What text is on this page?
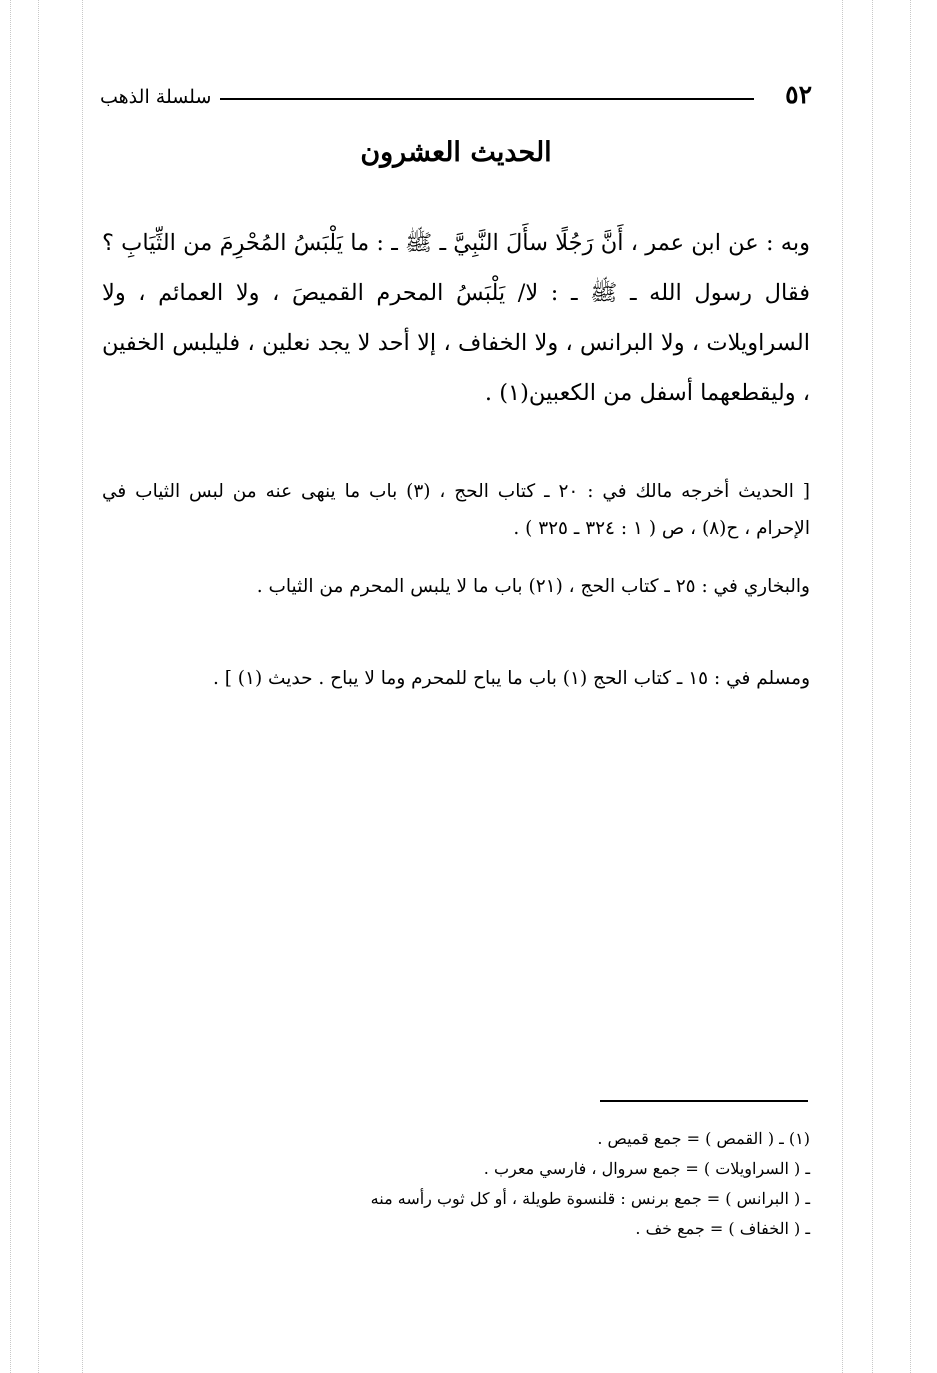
٥٢
سلسلة الذهب
الحديث العشرون

وبه : عن ابن عمر ، أَنَّ رَجُلًا سأَلَ النَّبِيَّ ـ ﷺ ـ : ما يَلْبَسُ المُحْرِمَ من الثِّيَابِ ؟ فقال رسول الله ـ ﷺ ـ : لا/ يَلْبَسُ المحرم القميصَ ، ولا العمائم ، ولا السراويلات ، ولا البرانس ، ولا الخفاف ، إلا أحد لا يجد نعلين ، فليلبس الخفين ، وليقطعهما أسفل من الكعبين(١) .

[ الحديث أخرجه مالك في : ٢٠ ـ كتاب الحج ، (٣) باب ما ينهى عنه من لبس الثياب في الإحرام ، ح(٨) ، ص ( ١ : ٣٢٤ ـ ٣٢٥ ) .

والبخاري في : ٢٥ ـ كتاب الحج ، (٢١) باب ما لا يلبس المحرم من الثياب .

ومسلم في : ١٥ ـ كتاب الحج (١) باب ما يباح للمحرم وما لا يباح . حديث (١) ] .

(١) ـ ( القمص ) = جمع قميص .
ـ ( السراويلات ) = جمع سروال ، فارسي معرب .
ـ ( البرانس ) = جمع برنس : قلنسوة طويلة ، أو كل ثوب رأسه منه
ـ ( الخفاف ) = جمع خف .
